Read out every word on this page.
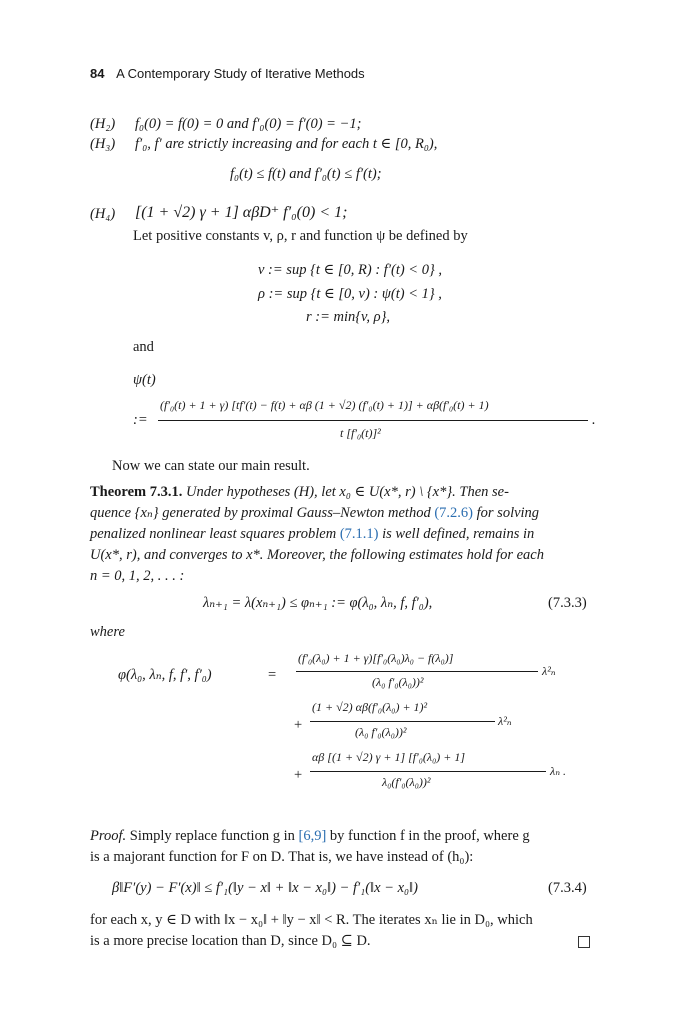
84 A Contemporary Study of Iterative Methods
(H₂) f₀(0) = f(0) = 0 and f′₀(0) = f′(0) = −1;
(H₃) f′₀, f′ are strictly increasing and for each t ∈ [0, R₀),
f₀(t) ≤ f(t) and f′₀(t) ≤ f′(t);
(H₄) [(1 + √2) γ + 1] αβD⁺ f′₀(0) < 1;
Let positive constants v, ρ, r and function ψ be defined by
v := sup {t ∈ [0, R) : f′(t) < 0} ,
ρ := sup {t ∈ [0, v) : ψ(t) < 1} ,
r := min{v, ρ},
and
ψ(t)
:=
(f′₀(t) + 1 + γ) [tf′(t) − f(t) + αβ (1 + √2) (f′₀(t) + 1)] + αβ(f′₀(t) + 1)
t [f′₀(t)]²
.
Now we can state our main result.
Theorem 7.3.1. Under hypotheses (H), let x₀ ∈ U(x*, r) \ {x*}. Then se-
quence {xₙ} generated by proximal Gauss–Newton method (7.2.6) for solving
penalized nonlinear least squares problem (7.1.1) is well defined, remains in
U(x*, r), and converges to x*. Moreover, the following estimates hold for each
n = 0, 1, 2, . . . :
λₙ₊₁ = λ(xₙ₊₁) ≤ φₙ₊₁ := φ(λ₀, λₙ, f, f′₀),	(7.3.3)
where
φ(λ₀, λₙ, f, f′, f′₀)	=
(f′₀(λ₀) + 1 + γ)[f′₀(λ₀)λ₀ − f(λ₀)]
(λ₀ f′₀(λ₀))²
λ²ₙ
+
(1 + √2) αβ(f′₀(λ₀) + 1)²
(λ₀ f′₀(λ₀))²
λ²ₙ
+
αβ [(1 + √2) γ + 1] [f′₀(λ₀) + 1]
λ₀(f′₀(λ₀))²
λₙ .
Proof. Simply replace function g in [6,9] by function f in the proof, where g
is a majorant function for F on D. That is, we have instead of (h₀):
β‖F′(y) − F′(x)‖ ≤ f′₁(‖y − x‖ + ‖x − x₀‖) − f′₁(‖x − x₀‖)	(7.3.4)
for each x, y ∈ D with ‖x − x₀‖ + ‖y − x‖ < R. The iterates xₙ lie in D₀, which
is a more precise location than D, since D₀ ⊆ D.
